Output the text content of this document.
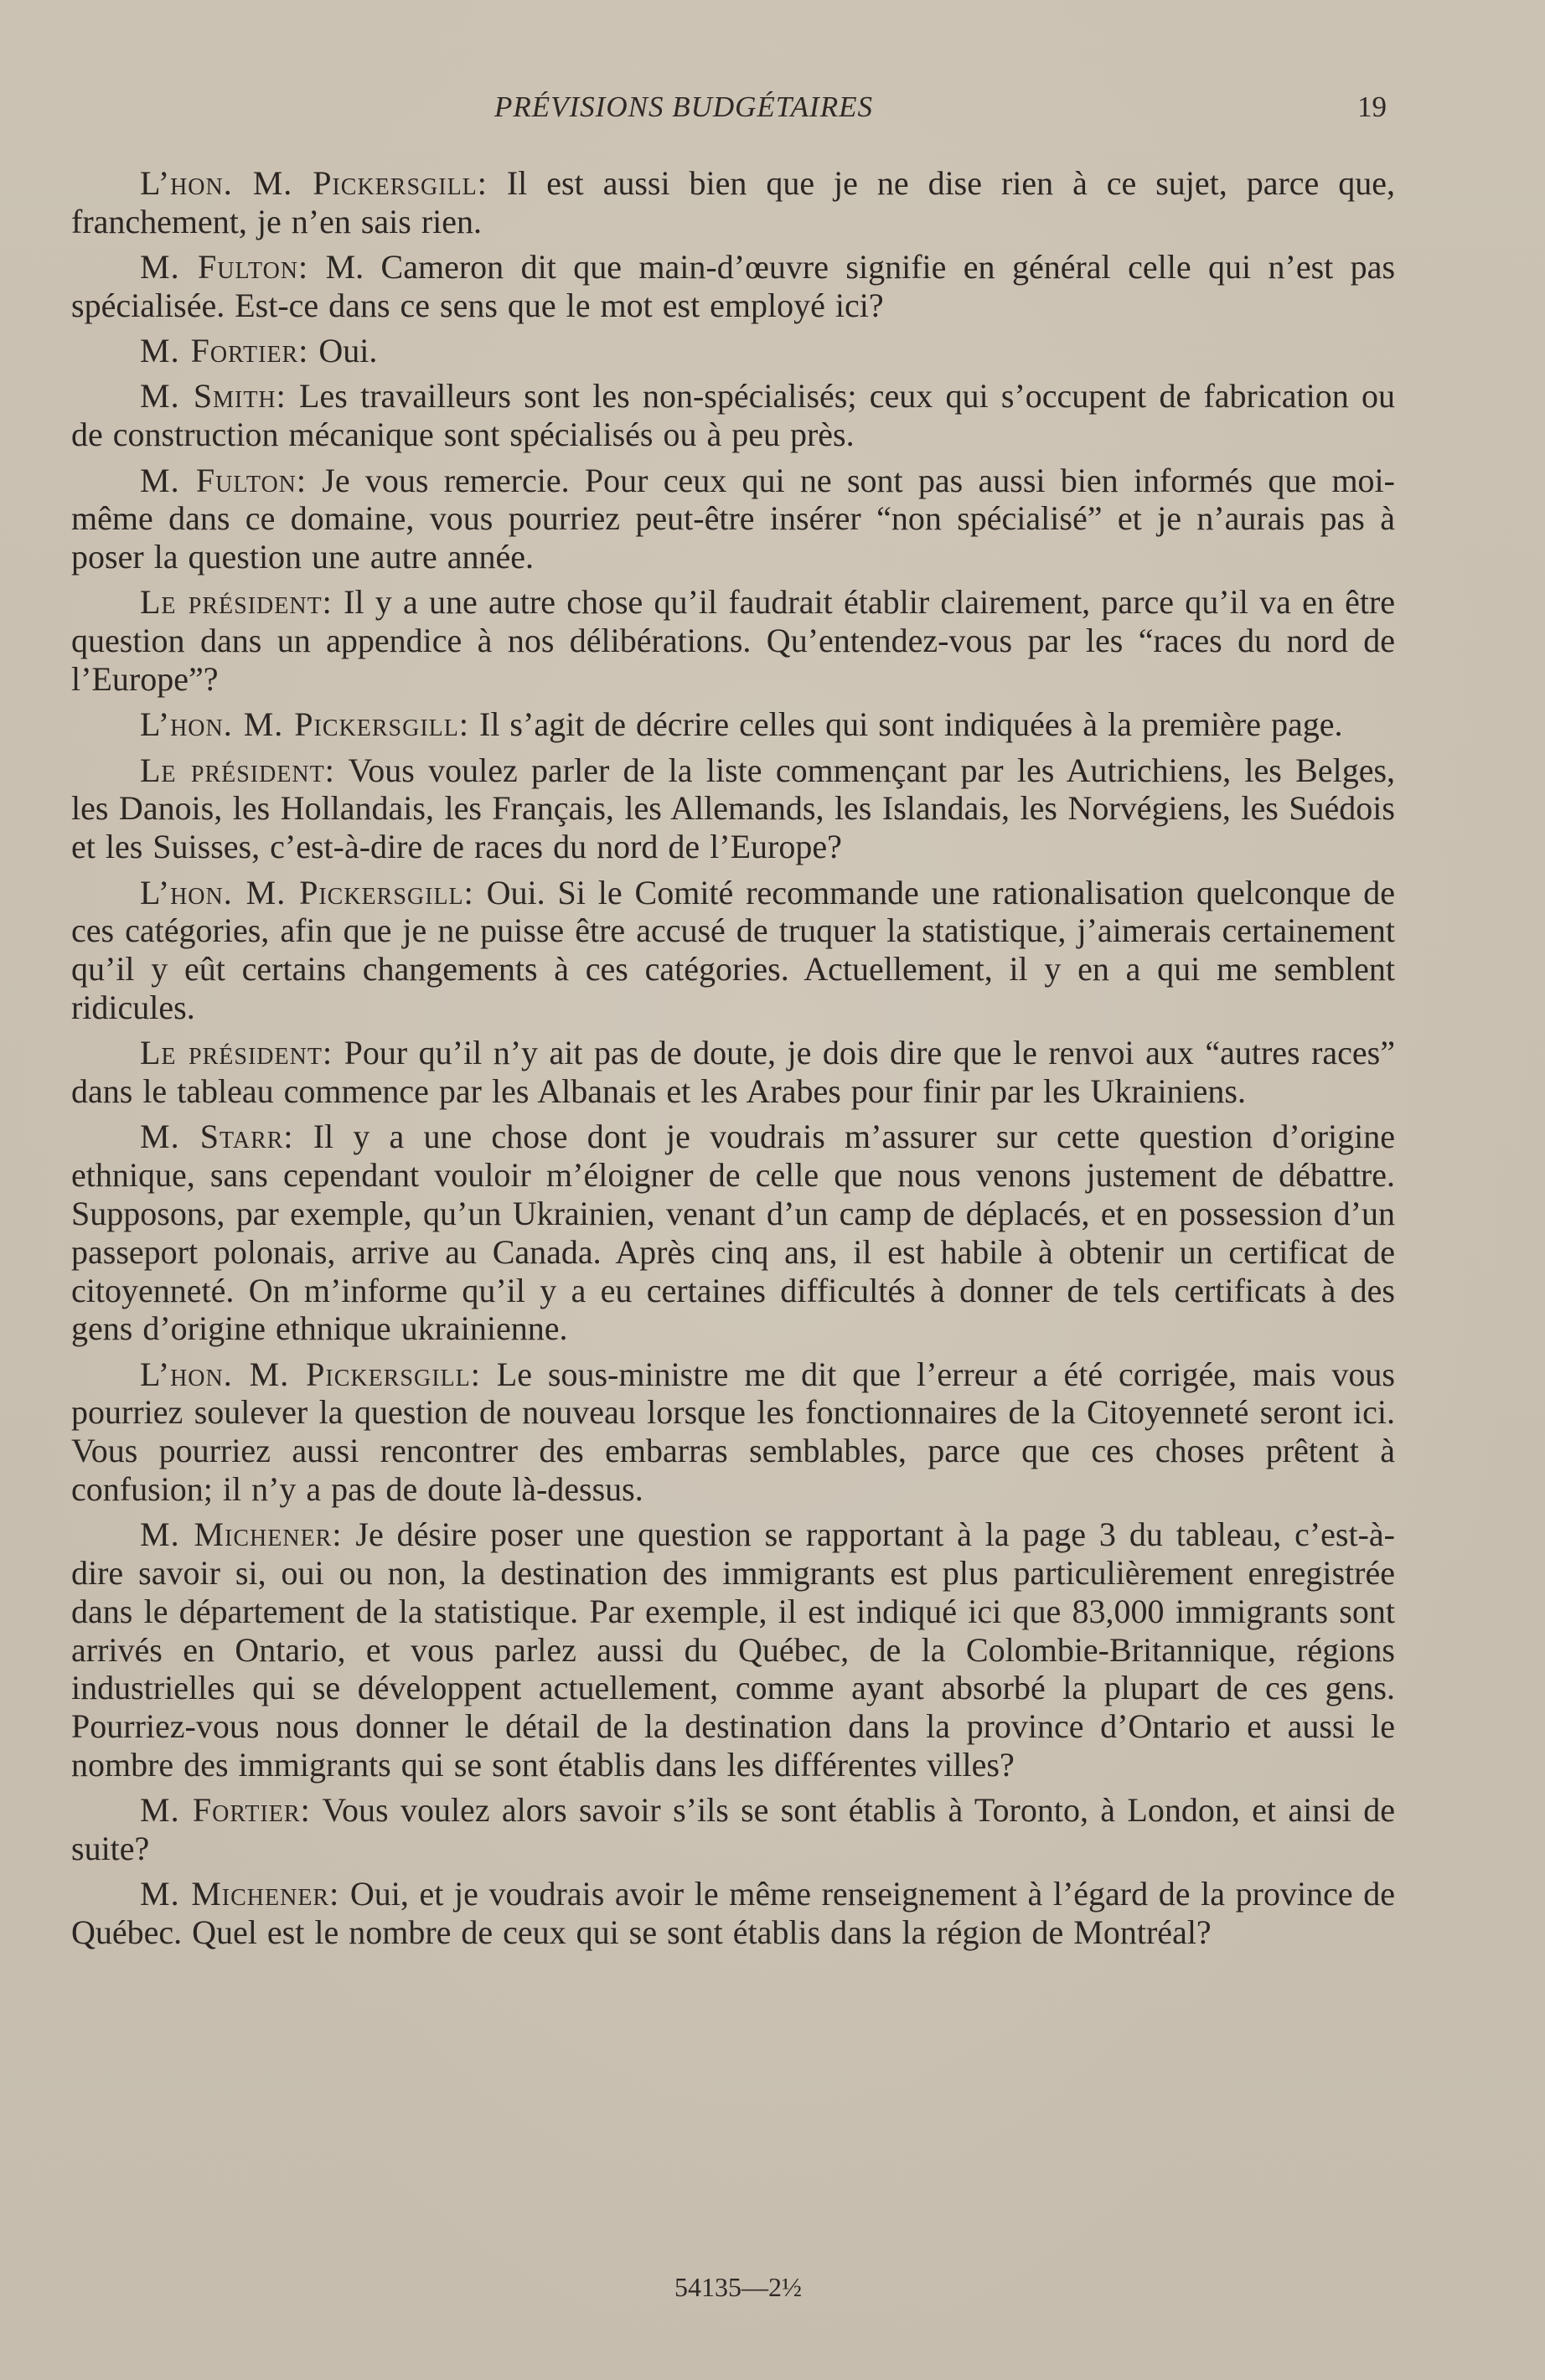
PRÉVISIONS BUDGÉTAIRES	19

L’hon. M. Pickersgill: Il est aussi bien que je ne dise rien à ce sujet, parce que, franchement, je n’en sais rien.

M. Fulton: M. Cameron dit que main-d’œuvre signifie en général celle qui n’est pas spécialisée. Est-ce dans ce sens que le mot est employé ici?

M. Fortier: Oui.

M. Smith: Les travailleurs sont les non-spécialisés; ceux qui s’occupent de fabrication ou de construction mécanique sont spécialisés ou à peu près.

M. Fulton: Je vous remercie. Pour ceux qui ne sont pas aussi bien informés que moi-même dans ce domaine, vous pourriez peut-être insérer “non spécialisé” et je n’aurais pas à poser la question une autre année.

Le président: Il y a une autre chose qu’il faudrait établir clairement, parce qu’il va en être question dans un appendice à nos délibérations. Qu’entendez-vous par les “races du nord de l’Europe”?

L’hon. M. Pickersgill: Il s’agit de décrire celles qui sont indiquées à la première page.

Le président: Vous voulez parler de la liste commençant par les Autrichiens, les Belges, les Danois, les Hollandais, les Français, les Allemands, les Islandais, les Norvégiens, les Suédois et les Suisses, c’est-à-dire de races du nord de l’Europe?

L’hon. M. Pickersgill: Oui. Si le Comité recommande une rationalisation quelconque de ces catégories, afin que je ne puisse être accusé de truquer la statistique, j’aimerais certainement qu’il y eût certains changements à ces catégories. Actuellement, il y en a qui me semblent ridicules.

Le président: Pour qu’il n’y ait pas de doute, je dois dire que le renvoi aux “autres races” dans le tableau commence par les Albanais et les Arabes pour finir par les Ukrainiens.

M. Starr: Il y a une chose dont je voudrais m’assurer sur cette question d’origine ethnique, sans cependant vouloir m’éloigner de celle que nous venons justement de débattre. Supposons, par exemple, qu’un Ukrainien, venant d’un camp de déplacés, et en possession d’un passeport polonais, arrive au Canada. Après cinq ans, il est habile à obtenir un certificat de citoyenneté. On m’informe qu’il y a eu certaines difficultés à donner de tels certificats à des gens d’origine ethnique ukrainienne.

L’hon. M. Pickersgill: Le sous-ministre me dit que l’erreur a été corrigée, mais vous pourriez soulever la question de nouveau lorsque les fonctionnaires de la Citoyenneté seront ici. Vous pourriez aussi rencontrer des embarras semblables, parce que ces choses prêtent à confusion; il n’y a pas de doute là-dessus.

M. Michener: Je désire poser une question se rapportant à la page 3 du tableau, c’est-à-dire savoir si, oui ou non, la destination des immigrants est plus particulièrement enregistrée dans le département de la statistique. Par exemple, il est indiqué ici que 83,000 immigrants sont arrivés en Ontario, et vous parlez aussi du Québec, de la Colombie-Britannique, régions industrielles qui se développent actuellement, comme ayant absorbé la plupart de ces gens. Pourriez-vous nous donner le détail de la destination dans la province d’Ontario et aussi le nombre des immigrants qui se sont établis dans les différentes villes?

M. Fortier: Vous voulez alors savoir s’ils se sont établis à Toronto, à London, et ainsi de suite?

M. Michener: Oui, et je voudrais avoir le même renseignement à l’égard de la province de Québec. Quel est le nombre de ceux qui se sont établis dans la région de Montréal?

54135—2½
